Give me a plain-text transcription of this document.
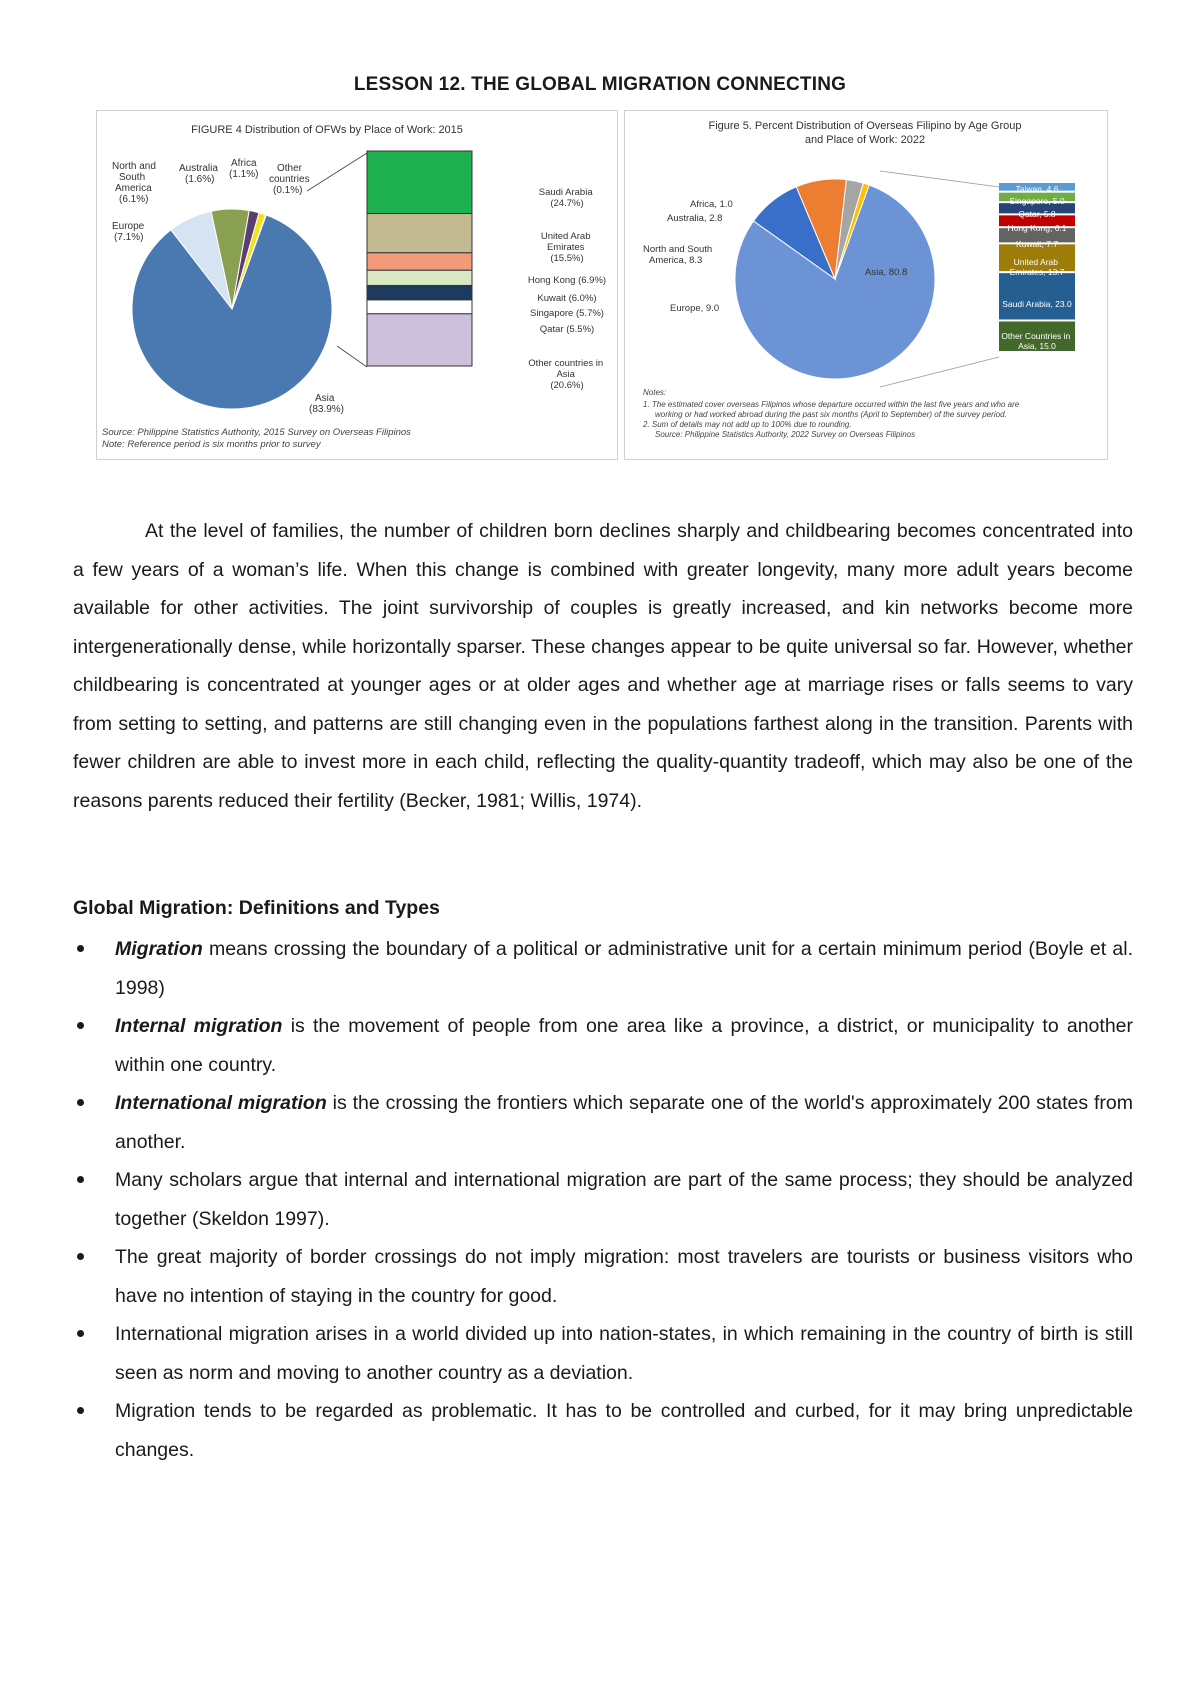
LESSON 12. THE GLOBAL MIGRATION CONNECTING
FIGURE 4 Distribution of OFWs by Place of Work: 2015
North and South America (6.1%)
Australia (1.6%)
Africa (1.1%)
Other countries (0.1%)
Europe (7.1%)
Asia (83.9%)
Saudi Arabia (24.7%)
United Arab Emirates (15.5%)
Hong Kong (6.9%)
Kuwait (6.0%)
Singapore (5.7%)
Qatar (5.5%)
Other countries in Asia (20.6%)
Source: Philippine Statistics Authority, 2015 Survey on Overseas Filipinos
Note: Reference period is six months prior to survey
Figure 5. Percent Distribution of Overseas Filipino by Age Group
and Place of Work: 2022
Africa, 1.0
Australia, 2.8
North and South America, 8.3
Europe, 9.0
Asia, 80.8
Taiwan, 4.6
Singapore, 5.0
Qatar, 5.8
Hong Kong, 6.1
Kuwait, 7.7
United Arab Emirates, 13.7
Saudi Arabia, 23.0
Other Countries in Asia, 15.0
Notes:
1. The estimated cover overseas Filipinos whose departure occurred within the last five years and who are
working or had worked abroad during the past six months (April to September) of the survey period.
2. Sum of details may not add up to 100% due to rounding.
Source: Philippine Statistics Authority, 2022 Survey on Overseas Filipinos

At the level of families, the number of children born declines sharply and childbearing becomes concentrated into a few years of a woman’s life. When this change is combined with greater longevity, many more adult years become available for other activities. The joint survivorship of couples is greatly increased, and kin networks become more intergenerationally dense, while horizontally sparser. These changes appear to be quite universal so far. However, whether childbearing is concentrated at younger ages or at older ages and whether age at marriage rises or falls seems to vary from setting to setting, and patterns are still changing even in the populations farthest along in the transition. Parents with fewer children are able to invest more in each child, reflecting the quality-quantity tradeoff, which may also be one of the reasons parents reduced their fertility (Becker, 1981; Willis, 1974).

Global Migration: Definitions and Types
Migration means crossing the boundary of a political or administrative unit for a certain minimum period (Boyle et al. 1998)
Internal migration is the movement of people from one area like a province, a district, or municipality to another within one country.
International migration is the crossing the frontiers which separate one of the world's approximately 200 states from another.
Many scholars argue that internal and international migration are part of the same process; they should be analyzed together (Skeldon 1997).
The great majority of border crossings do not imply migration: most travelers are tourists or business visitors who have no intention of staying in the country for good.
International migration arises in a world divided up into nation-states, in which remaining in the country of birth is still seen as norm and moving to another country as a deviation.
Migration tends to be regarded as problematic. It has to be controlled and curbed, for it may bring unpredictable changes.
